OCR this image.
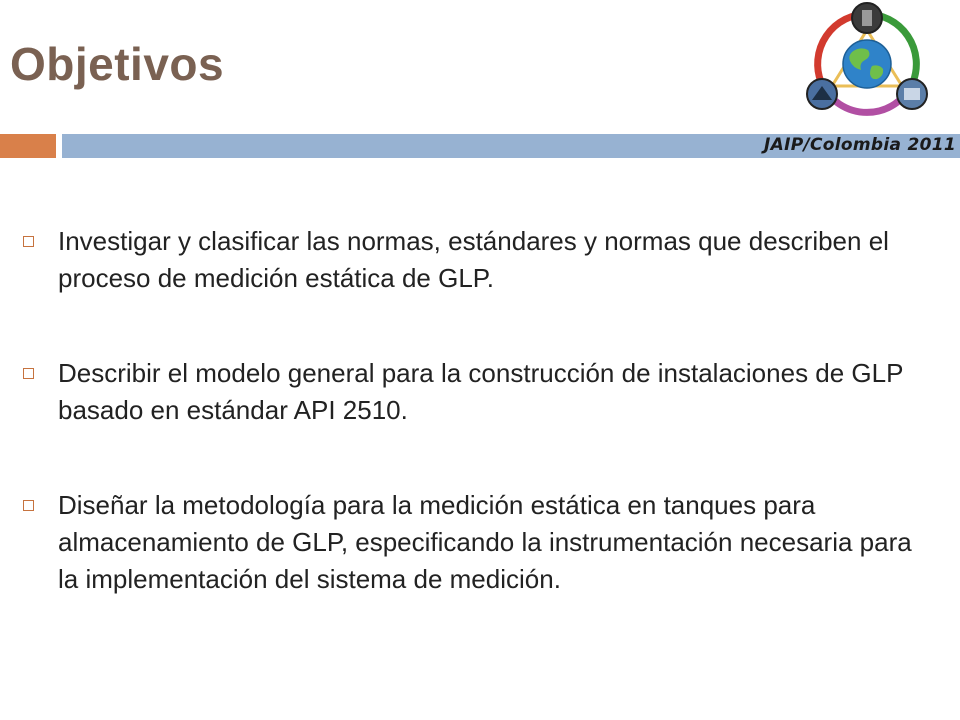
Objetivos
JAIP/Colombia 2011
Investigar y clasificar las normas, estándares y normas que describen el proceso de medición estática de GLP.
Describir el modelo general para la construcción de instalaciones de GLP basado en estándar API 2510.
Diseñar la metodología para la medición estática en tanques para almacenamiento de GLP, especificando la instrumentación necesaria para la implementación del sistema de medición.
